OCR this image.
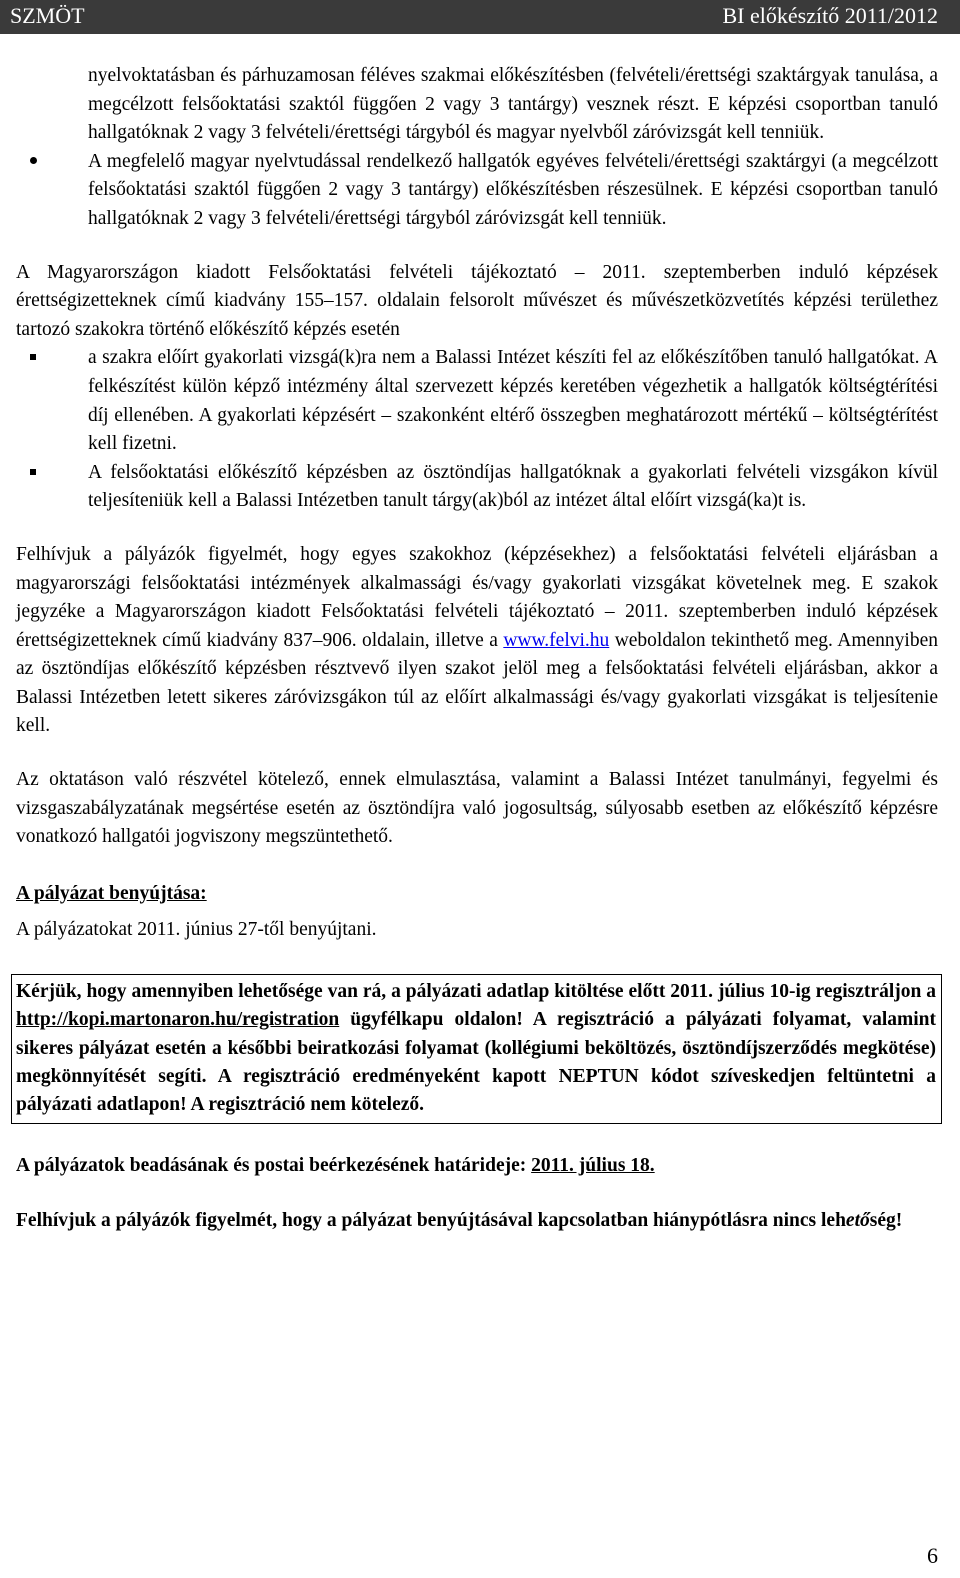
SZMÖT	BI előkészítő 2011/2012

nyelvoktatásban és párhuzamosan féléves szakmai előkészítésben (felvételi/érettségi szaktárgyak tanulása, a megcélzott felsőoktatási szaktól függően 2 vagy 3 tantárgy) vesznek részt. E képzési csoportban tanuló hallgatóknak 2 vagy 3 felvételi/érettségi tárgyból és magyar nyelvből záróvizsgát kell tenniük.

A megfelelő magyar nyelvtudással rendelkező hallgatók egyéves felvételi/érettségi szaktárgyi (a megcélzott felsőoktatási szaktól függően 2 vagy 3 tantárgy) előkészítésben részesülnek. E képzési csoportban tanuló hallgatóknak 2 vagy 3 felvételi/érettségi tárgyból záróvizsgát kell tenniük.

A Magyarországon kiadott Felsőoktatási felvételi tájékoztató – 2011. szeptemberben induló képzések érettségizetteknek című kiadvány 155–157. oldalain felsorolt művészet és művészetközvetítés képzési területhez tartozó szakokra történő előkészítő képzés esetén

a szakra előírt gyakorlati vizsgá(k)ra nem a Balassi Intézet készíti fel az előkészítőben tanuló hallgatókat. A felkészítést külön képző intézmény által szervezett képzés keretében végezhetik a hallgatók költségtérítési díj ellenében. A gyakorlati képzésért – szakonként eltérő összegben meghatározott mértékű – költségtérítést kell fizetni.
A felsőoktatási előkészítő képzésben az ösztöndíjas hallgatóknak a gyakorlati felvételi vizsgákon kívül teljesíteniük kell a Balassi Intézetben tanult tárgy(ak)ból az intézet által előírt vizsgá(ka)t is.

Felhívjuk a pályázók figyelmét, hogy egyes szakokhoz (képzésekhez) a felsőoktatási felvételi eljárásban a magyarországi felsőoktatási intézmények alkalmassági és/vagy gyakorlati vizsgákat követelnek meg. E szakok jegyzéke a Magyarországon kiadott Felsőoktatási felvételi tájékoztató – 2011. szeptemberben induló képzések érettségizetteknek című kiadvány 837–906. oldalain, illetve a www.felvi.hu weboldalon tekinthető meg. Amennyiben az ösztöndíjas előkészítő képzésben résztvevő ilyen szakot jelöl meg a felsőoktatási felvételi eljárásban, akkor a Balassi Intézetben letett sikeres záróvizsgákon túl az előírt alkalmassági és/vagy gyakorlati vizsgákat is teljesítenie kell.

Az oktatáson való részvétel kötelező, ennek elmulasztása, valamint a Balassi Intézet tanulmányi, fegyelmi és vizsgaszabályzatának megsértése esetén az ösztöndíjra való jogosultság, súlyosabb esetben az előkészítő képzésre vonatkozó hallgatói jogviszony megszüntethető.

A pályázat benyújtása:

A pályázatokat 2011. június 27-től benyújtani.

Kérjük, hogy amennyiben lehetősége van rá, a pályázati adatlap kitöltése előtt 2011. július 10-ig regisztráljon a http://kopi.martonaron.hu/registration ügyfélkapu oldalon! A regisztráció a pályázati folyamat, valamint sikeres pályázat esetén a későbbi beiratkozási folyamat (kollégiumi beköltözés, ösztöndíjszerződés megkötése) megkönnyítését segíti. A regisztráció eredményeként kapott NEPTUN kódot szíveskedjen feltüntetni a pályázati adatlapon! A regisztráció nem kötelező.

A pályázatok beadásának és postai beérkezésének határideje: 2011. július 18.

Felhívjuk a pályázók figyelmét, hogy a pályázat benyújtásával kapcsolatban hiánypótlásra nincs lehetőség!

6
